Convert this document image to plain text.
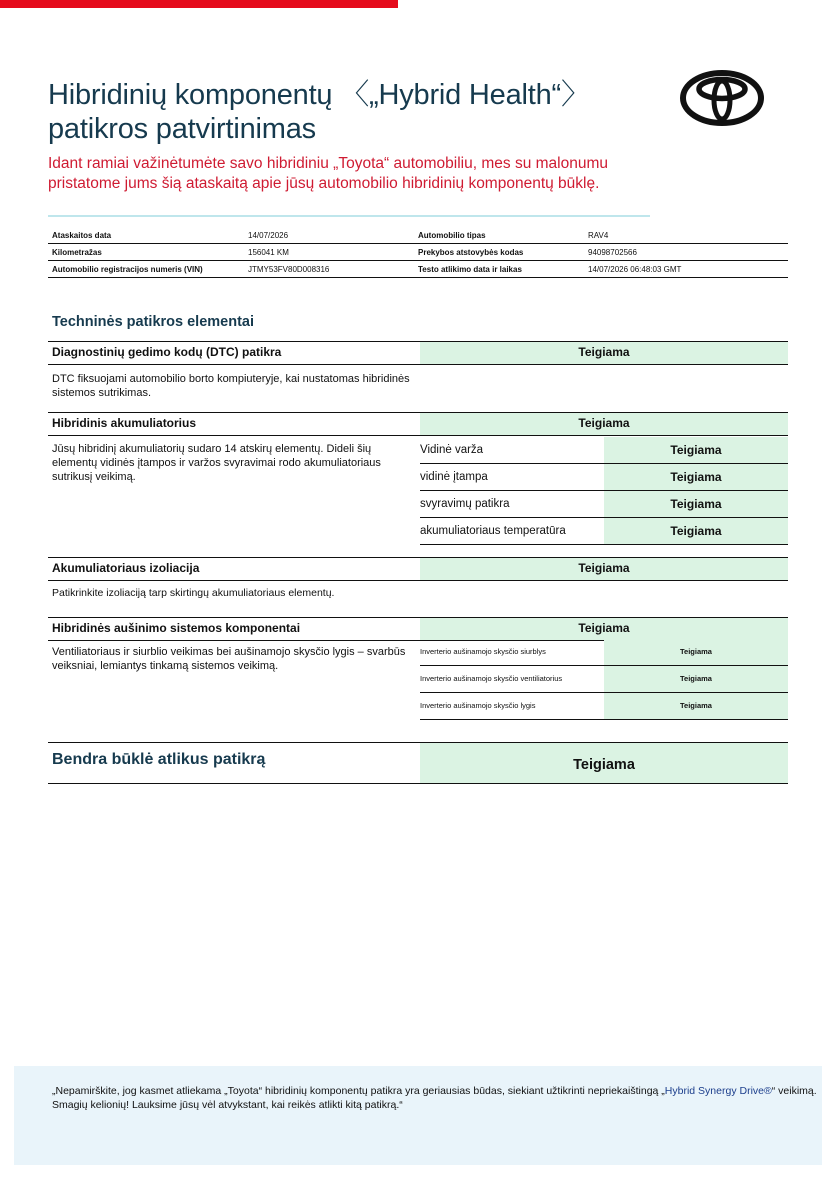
Hibridinių komponentų 〈„Hybrid Health“〉 patikros patvirtinimas

Idant ramiai važinėtumėte savo hibridiniu „Toyota“ automobiliu, mes su malonumu pristatome jums šią ataskaitą apie jūsų automobilio hibridinių komponentų būklę.

Ataskaitos data	14/07/2026	Automobilio tipas	RAV4
Kilometražas	156041 KM	Prekybos atstovybės kodas	94098702566
Automobilio registracijos numeris (VIN)	JTMY53FV80D008316	Testo atlikimo data ir laikas	14/07/2026 06:48:03 GMT
Techninės patikros elementai
Diagnostinių gedimo kodų (DTC) patikra	Teigiama

DTC fiksuojami automobilio borto kompiuteryje, kai nustatomas hibridinės sistemos sutrikimas.

Hibridinis akumuliatorius	Teigiama

Jūsų hibridinį akumuliatorių sudaro 14 atskirų elementų. Dideli šių elementų vidinės įtampos ir varžos svyravimai rodo akumuliatoriaus sutrikusį veikimą.

Vidinė varža	Teigiama
vidinė įtampa	Teigiama
svyravimų patikra	Teigiama
akumuliatoriaus temperatūra	Teigiama
Akumuliatoriaus izoliacija	Teigiama

Patikrinkite izoliaciją tarp skirtingų akumuliatoriaus elementų.

Hibridinės aušinimo sistemos komponentai	Teigiama

Ventiliatoriaus ir siurblio veikimas bei aušinamojo skysčio lygis – svarbūs veiksniai, lemiantys tinkamą sistemos veikimą.

Inverterio aušinamojo skysčio siurblys	Teigiama
Inverterio aušinamojo skysčio ventiliatorius	Teigiama
Inverterio aušinamojo skysčio lygis	Teigiama
Bendra būklė atlikus patikrą	Teigiama
„Nepamirškite, jog kasmet atliekama „Toyota“ hibridinių komponentų patikra yra geriausias būdas, siekiant užtikrinti nepriekaištingą „Hybrid Synergy Drive®“ veikimą. Smagių kelionių! Lauksime jūsų vėl atvykstant, kai reikės atlikti kitą patikrą.“
